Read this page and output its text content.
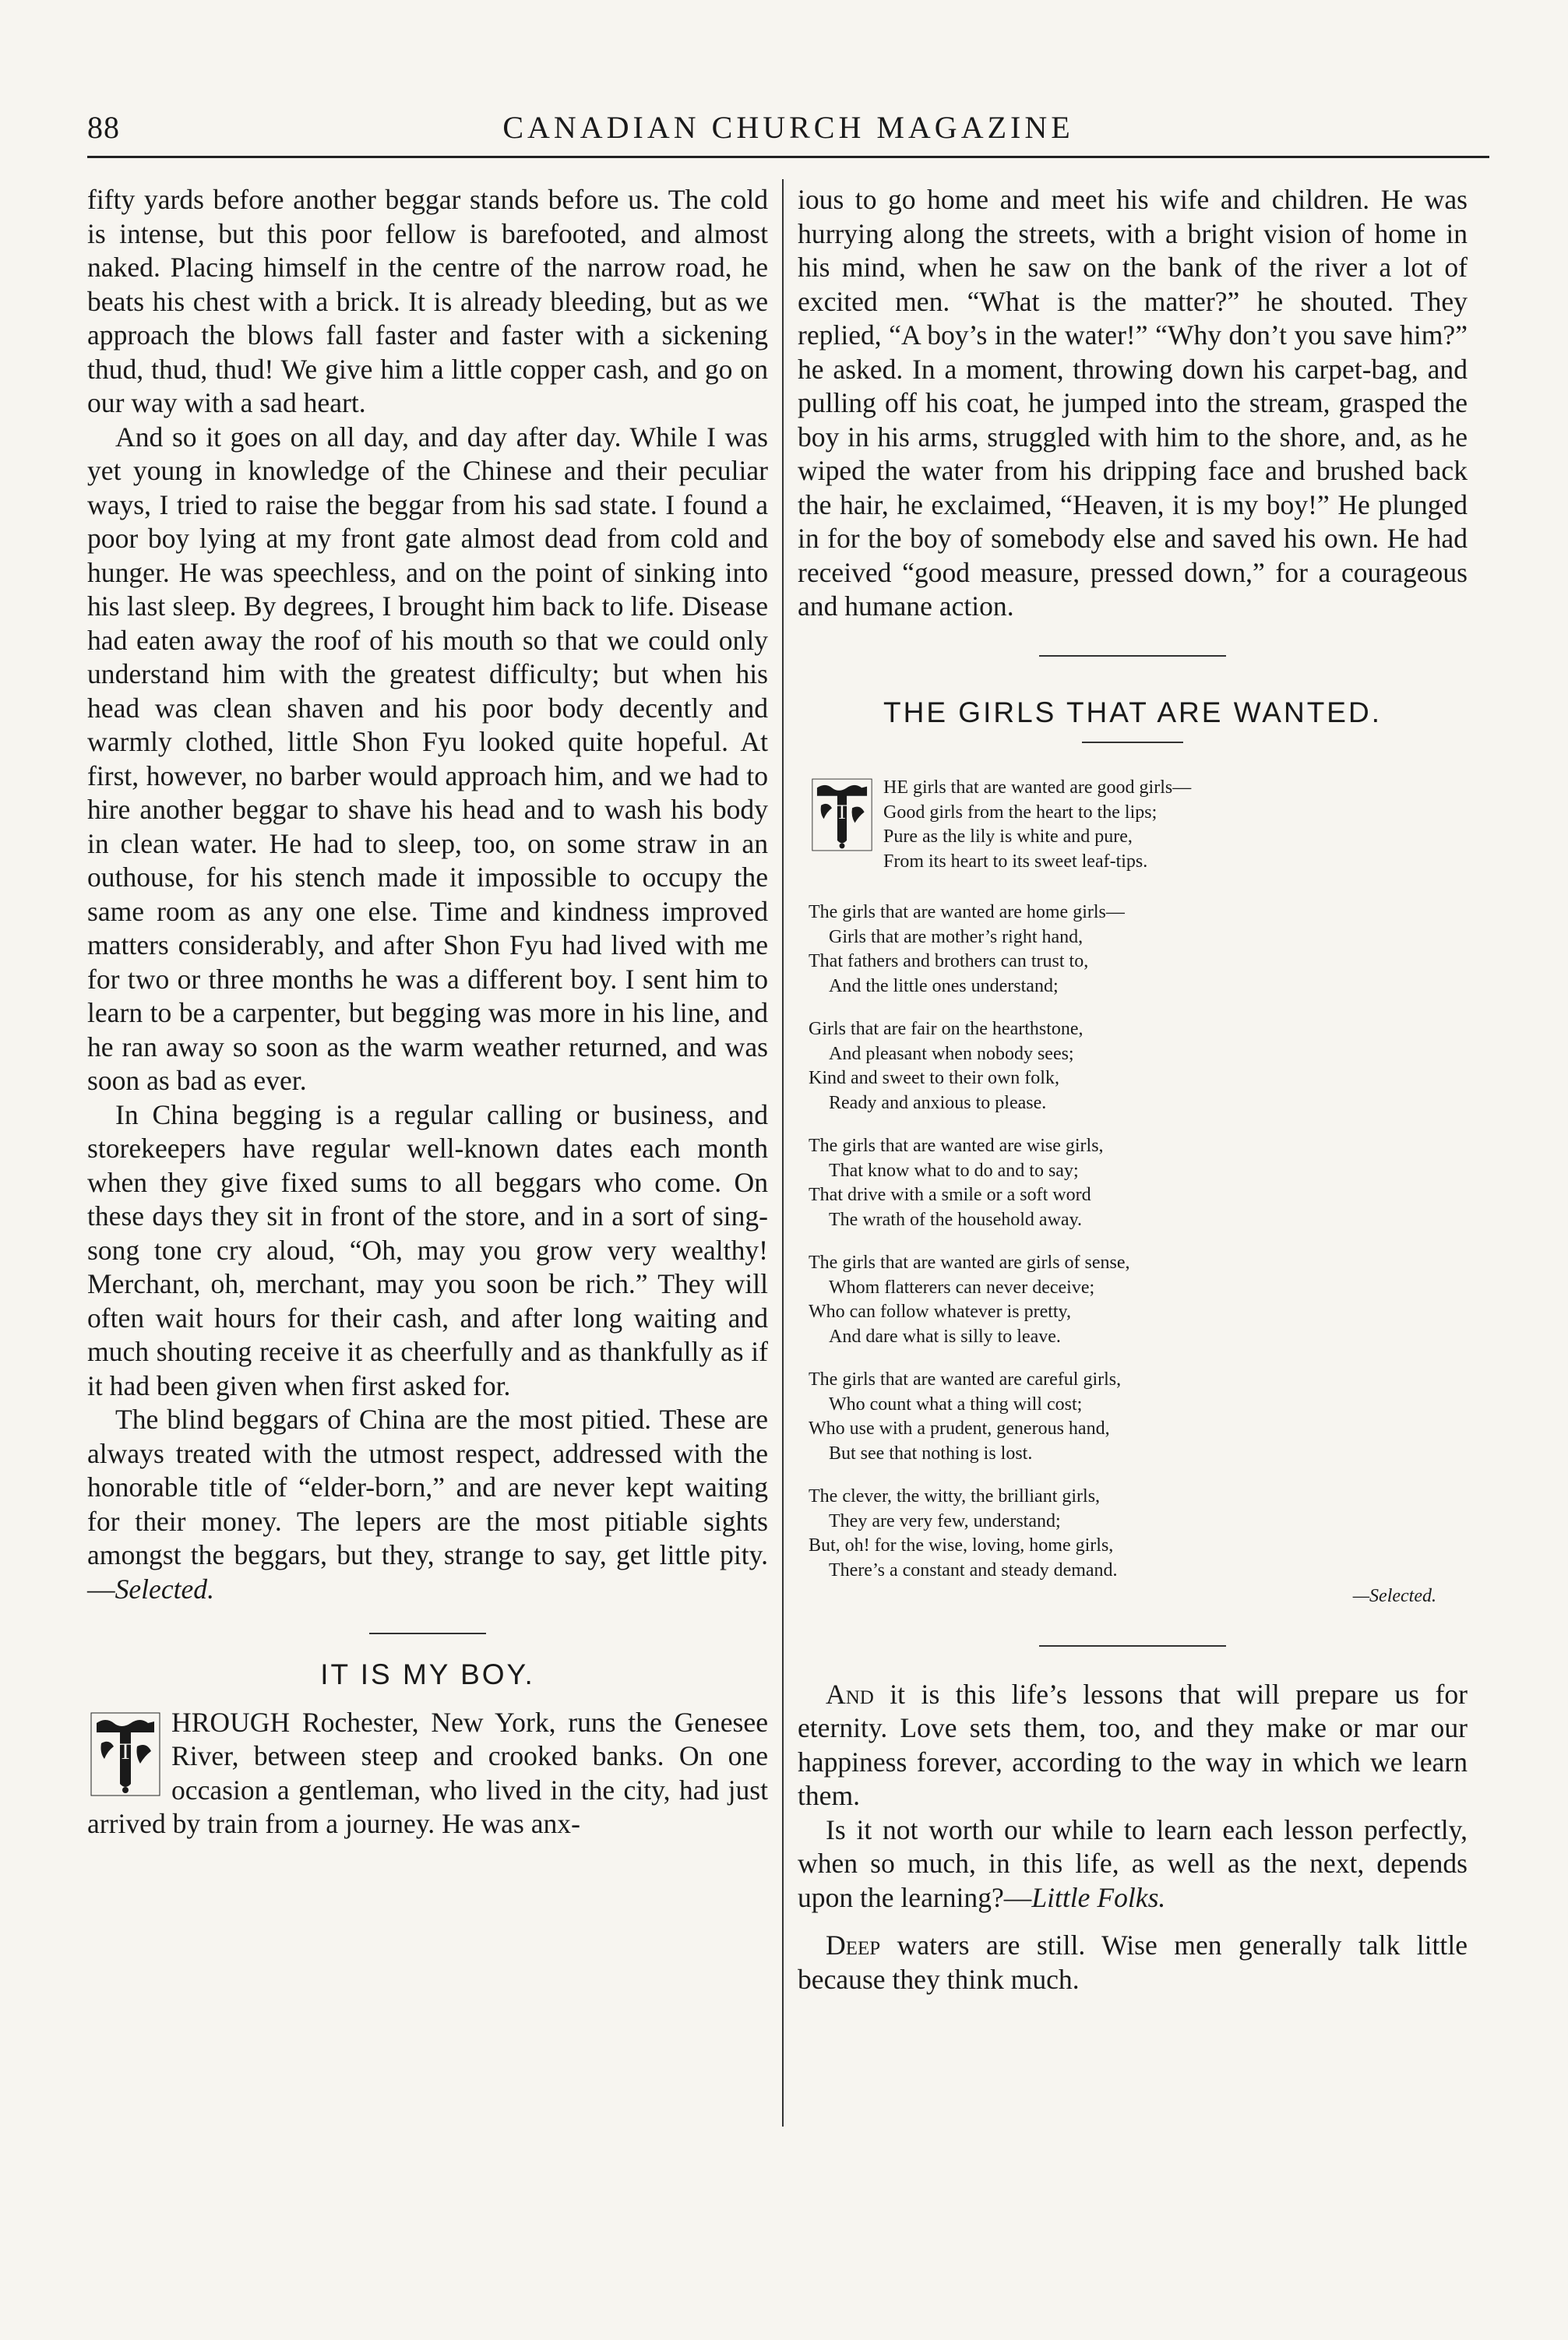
88	CANADIAN CHURCH MAGAZINE

fifty yards before another beggar stands before us. The cold is intense, but this poor fellow is barefooted, and almost naked. Placing himself in the centre of the narrow road, he beats his chest with a brick. It is already bleeding, but as we approach the blows fall faster and faster with a sickening thud, thud, thud! We give him a little copper cash, and go on our way with a sad heart.

And so it goes on all day, and day after day. While I was yet young in knowledge of the Chinese and their peculiar ways, I tried to raise the beggar from his sad state. I found a poor boy lying at my front gate almost dead from cold and hunger. He was speechless, and on the point of sinking into his last sleep. By degrees, I brought him back to life. Disease had eaten away the roof of his mouth so that we could only understand him with the greatest difficulty; but when his head was clean shaven and his poor body decently and warmly clothed, little Shon Fyu looked quite hopeful. At first, however, no barber would approach him, and we had to hire another beggar to shave his head and to wash his body in clean water. He had to sleep, too, on some straw in an outhouse, for his stench made it impossible to occupy the same room as any one else. Time and kindness improved matters considerably, and after Shon Fyu had lived with me for two or three months he was a different boy. I sent him to learn to be a carpenter, but begging was more in his line, and he ran away so soon as the warm weather returned, and was soon as bad as ever.

In China begging is a regular calling or business, and storekeepers have regular well-known dates each month when they give fixed sums to all beggars who come. On these days they sit in front of the store, and in a sort of sing-song tone cry aloud, “Oh, may you grow very wealthy! Merchant, oh, merchant, may you soon be rich.” They will often wait hours for their cash, and after long waiting and much shouting receive it as cheerfully and as thankfully as if it had been given when first asked for.

The blind beggars of China are the most pitied. These are always treated with the utmost respect, addressed with the honorable title of “elder-born,” and are never kept waiting for their money. The lepers are the most pitiable sights amongst the beggars, but they, strange to say, get little pity.—Selected.

IT IS MY BOY.

T
HROUGH Rochester, New York, runs the Genesee River, between steep and crooked banks. On one occasion a gentleman, who lived in the city, had just arrived by train from a journey. He was anx-

ious to go home and meet his wife and children. He was hurrying along the streets, with a bright vision of home in his mind, when he saw on the bank of the river a lot of excited men. “What is the matter?” he shouted. They replied, “A boy’s in the water!” “Why don’t you save him?” he asked. In a moment, throwing down his carpet-bag, and pulling off his coat, he jumped into the stream, grasped the boy in his arms, struggled with him to the shore, and, as he wiped the water from his dripping face and brushed back the hair, he exclaimed, “Heaven, it is my boy!” He plunged in for the boy of somebody else and saved his own. He had received “good measure, pressed down,” for a courageous and humane action.

THE GIRLS THAT ARE WANTED.
T
HE girls that are wanted are good girls—
Good girls from the heart to the lips;
Pure as the lily is white and pure,
From its heart to its sweet leaf-tips.
The girls that are wanted are home girls—
Girls that are mother’s right hand,
That fathers and brothers can trust to,
And the little ones understand;
Girls that are fair on the hearthstone,
And pleasant when nobody sees;
Kind and sweet to their own folk,
Ready and anxious to please.
The girls that are wanted are wise girls,
That know what to do and to say;
That drive with a smile or a soft word
The wrath of the household away.
The girls that are wanted are girls of sense,
Whom flatterers can never deceive;
Who can follow whatever is pretty,
And dare what is silly to leave.
The girls that are wanted are careful girls,
Who count what a thing will cost;
Who use with a prudent, generous hand,
But see that nothing is lost.
The clever, the witty, the brilliant girls,
They are very few, understand;
But, oh! for the wise, loving, home girls,
There’s a constant and steady demand.
—Selected.

And it is this life’s lessons that will prepare us for eternity. Love sets them, too, and they make or mar our happiness forever, according to the way in which we learn them.

Is it not worth our while to learn each lesson perfectly, when so much, in this life, as well as the next, depends upon the learning?—Little Folks.

Deep waters are still. Wise men generally talk little because they think much.
